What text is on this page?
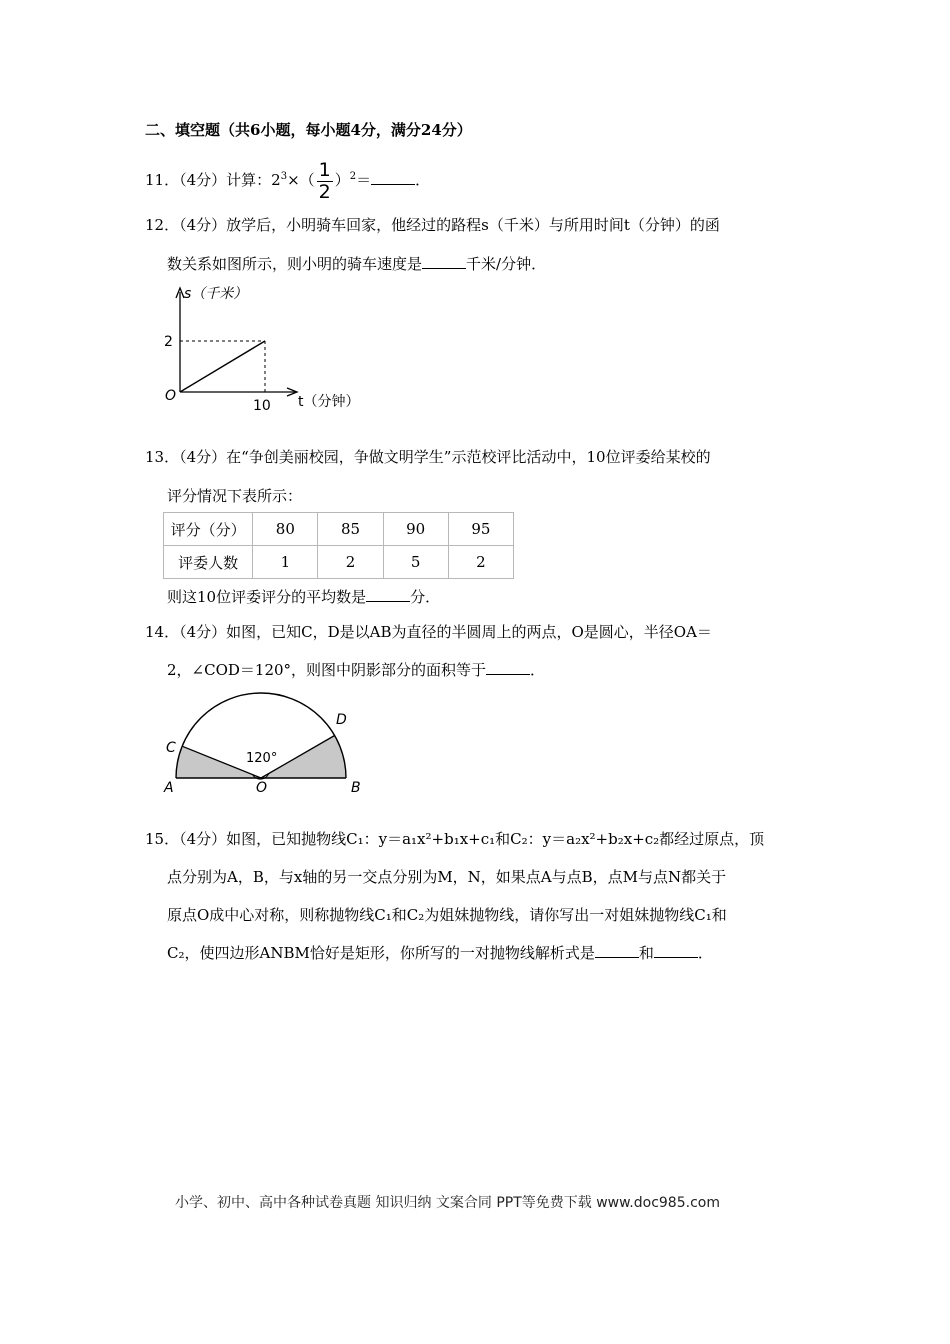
二、填空题（共6小题，每小题4分，满分24分）
11．（4分）计算：$2^3\times( \frac{1}{2} )^2=$	．
12．（4分）放学后，小明骑车回家，他经过的路程s（千米）与所用时间t（分钟）的函
数关系如图所示，则小明的骑车速度是	千米/分钟．
s（千米）
2
O
10 t（分钟）
13．（4分）在“争创美丽校园，争做文明学生”示范校评比活动中，10位评委给某校的
评分情况下表所示：
评分（分）	80	85	90	95
评委人数	1	2	5	2
则这10位评委评分的平均数是	分．
14．（4分）如图，已知C，D是以AB为直径的半圆周上的两点，O是圆心，半径OA＝
2，∠COD＝120°，则图中阴影部分的面积等于	．
120°
A	O	B
C
D
15．（4分）如图，已知抛物线C₁：y＝a₁x²+b₁x+c₁和C₂：y＝a₂x²+b₂x+c₂都经过原点，顶
点分别为A，B，与x轴的另一交点分别为M，N，如果点A与点B，点M与点N都关于
原点O成中心对称，则称抛物线C₁和C₂为姐妹抛物线，请你写出一对姐妹抛物线C₁和
C₂，使四边形ANBM恰好是矩形，你所写的一对抛物线解析式是	和	．
小学、初中、高中各种试卷真题 知识归纳 文案合同 PPT等免费下载 www.doc985.com
